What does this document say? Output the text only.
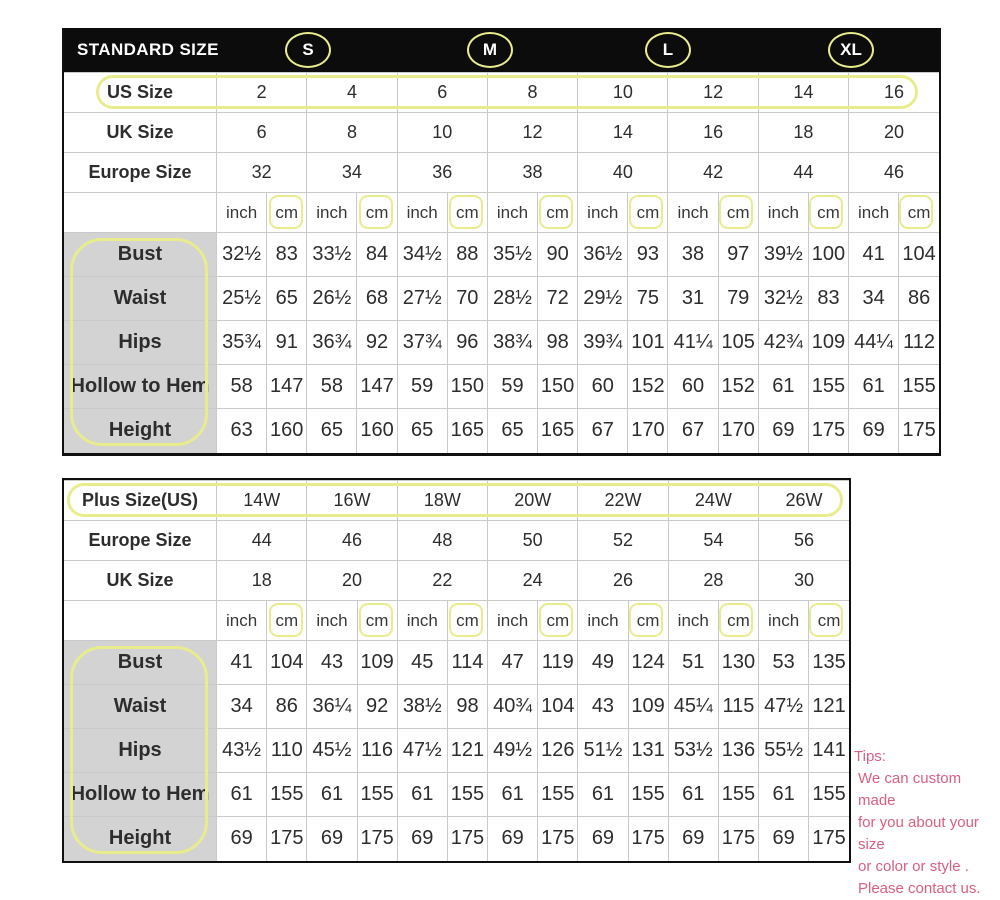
STANDARD SIZE	S	M	L	XL
US Size	2		4		6		8		10		12		14		16	
UK Size	6		8		10		12		14		16		18		20	
Europe Size	32		34		36		38		40		42		44		46	
	inch	cm	inch	cm	inch	cm	inch	cm	inch	cm	inch	cm	inch	cm	inch	cm
Bust	32½	83	33½	84	34½	88	35½	90	36½	93	38	97	39½	100	41	104
Waist	25½	65	26½	68	27½	70	28½	72	29½	75	31	79	32½	83	34	86
Hips	35¾	91	36¾	92	37¾	96	38¾	98	39¾	101	41¼	105	42¾	109	44¼	112
Hollow to Hem	58	147	58	147	59	150	59	150	60	152	60	152	61	155	61	155
Height	63	160	65	160	65	165	65	165	67	170	67	170	69	175	69	175
Plus Size(US)	14W		16W		18W		20W		22W		24W		26W	
Europe Size	44		46		48		50		52		54		56	
UK Size	18		20		22		24		26		28		30	
	inch	cm	inch	cm	inch	cm	inch	cm	inch	cm	inch	cm	inch	cm
Bust	41	104	43	109	45	114	47	119	49	124	51	130	53	135
Waist	34	86	36¼	92	38½	98	40¾	104	43	109	45¼	115	47½	121
Hips	43½	110	45½	116	47½	121	49½	126	51½	131	53½	136	55½	141
Hollow to Hem	61	155	61	155	61	155	61	155	61	155	61	155	61	155
Height	69	175	69	175	69	175	69	175	69	175	69	175	69	175
Tips:
We can custom made
for you about your size
or color or style .
Please contact us.
